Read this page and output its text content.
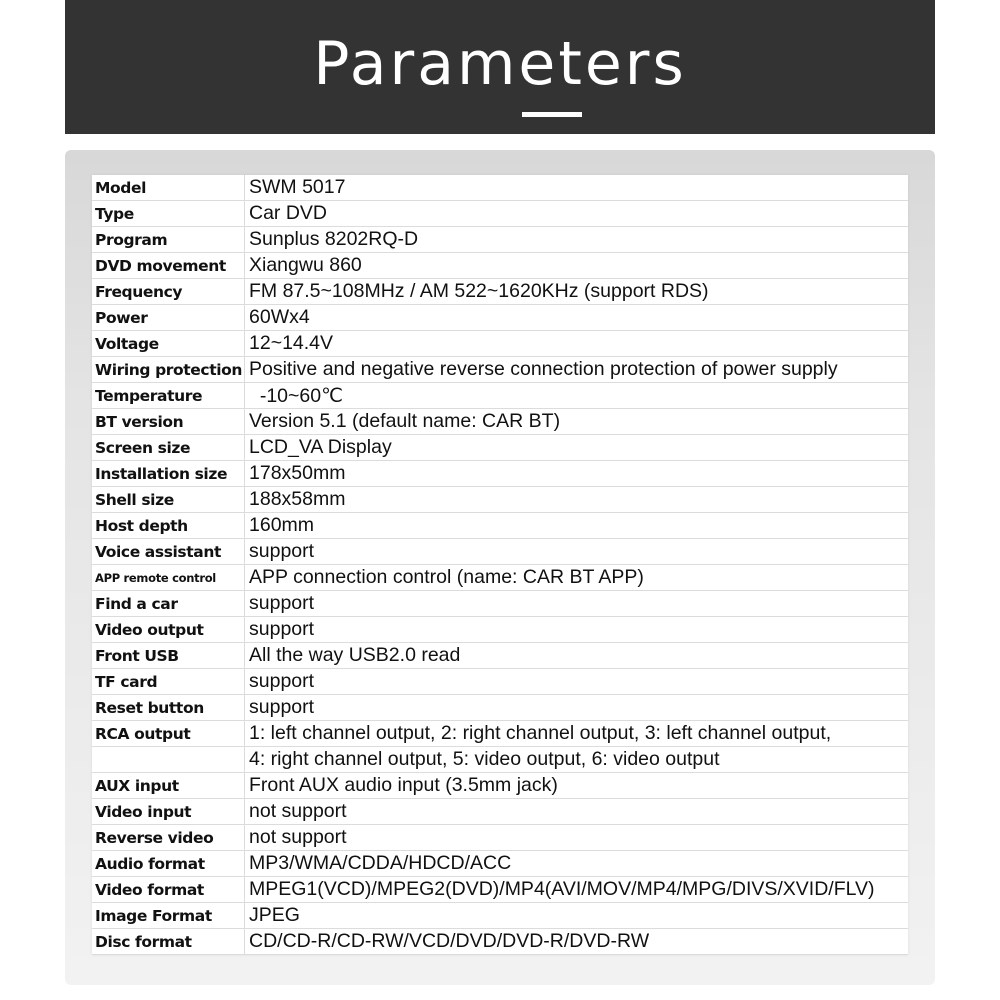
Parameters
Model	SWM 5017
Type	Car DVD
Program	Sunplus 8202RQ-D
DVD movement	Xiangwu 860
Frequency	FM 87.5~108MHz / AM 522~1620KHz (support RDS)
Power	60Wx4
Voltage	12~14.4V
Wiring protection	Positive and negative reverse connection protection of power supply
Temperature	-10~60℃
BT version	Version 5.1 (default name: CAR BT)
Screen size	LCD_VA Display
Installation size	178x50mm
Shell size	188x58mm
Host depth	160mm
Voice assistant	support
APP remote control	APP connection control (name: CAR BT APP)
Find a car	support
Video output	support
Front USB	All the way USB2.0 read
TF card	support
Reset button	support
RCA output	1: left channel output, 2: right channel output, 3: left channel output,
	4: right channel output, 5: video output, 6: video output
AUX input	Front AUX audio input (3.5mm jack)
Video input	not support
Reverse video	not support
Audio format	MP3/WMA/CDDA/HDCD/ACC
Video format	MPEG1(VCD)/MPEG2(DVD)/MP4(AVI/MOV/MP4/MPG/DIVS/XVID/FLV)
Image Format	JPEG
Disc format	CD/CD-R/CD-RW/VCD/DVD/DVD-R/DVD-RW
